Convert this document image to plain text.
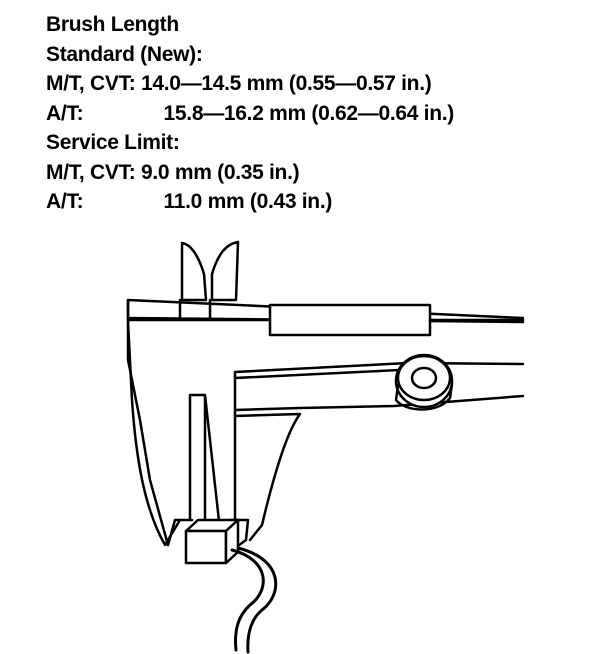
Brush Length
Standard (New):
M/T, CVT: 14.0—14.5 mm (0.55—0.57 in.)
A/T:	15.8—16.2 mm (0.62—0.64 in.)
Service Limit:
M/T, CVT: 9.0 mm (0.35 in.)
A/T:	11.0 mm (0.43 in.)
